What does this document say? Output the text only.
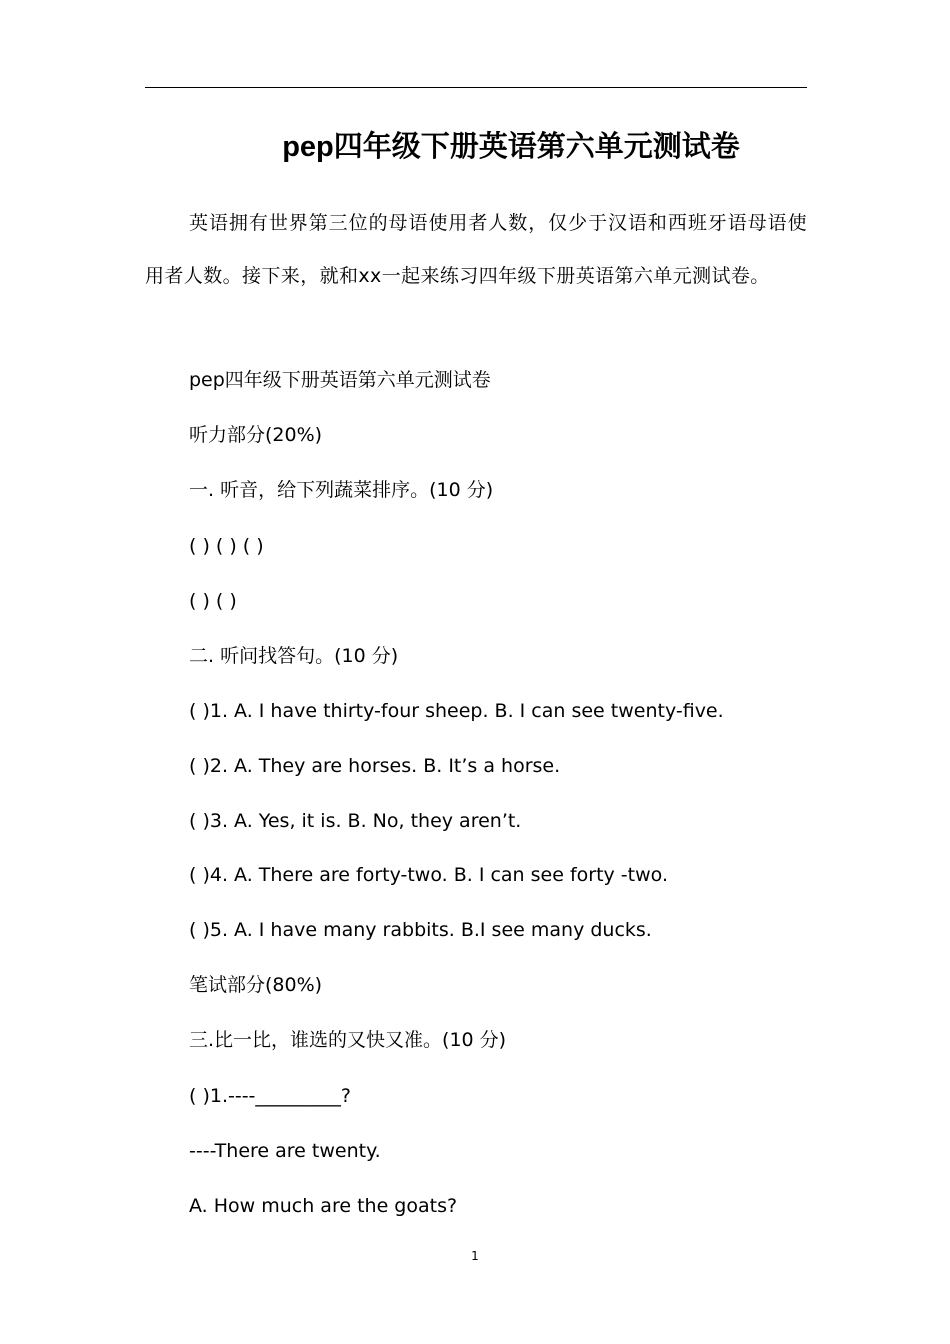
pep四年级下册英语第六单元测试卷
英语拥有世界第三位的母语使用者人数，仅少于汉语和西班牙语母语使用者人数。接下来，就和xx一起来练习四年级下册英语第六单元测试卷。
pep四年级下册英语第六单元测试卷
听力部分(20%)
一. 听音，给下列蔬菜排序。(10 分)
( ) ( ) ( )
( ) ( )
二. 听问找答句。(10 分)
( )1. A. I have thirty-four sheep. B. I can see twenty-five.
( )2. A. They are horses. B. It’s a horse.
( )3. A. Yes, it is. B. No, they aren’t.
( )4. A. There are forty-two. B. I can see forty -two.
( )5. A. I have many rabbits. B.I see many ducks.
笔试部分(80%)
三.比一比，谁选的又快又准。(10 分)
( )1.----_________?
----There are twenty.
A. How much are the goats?
1
